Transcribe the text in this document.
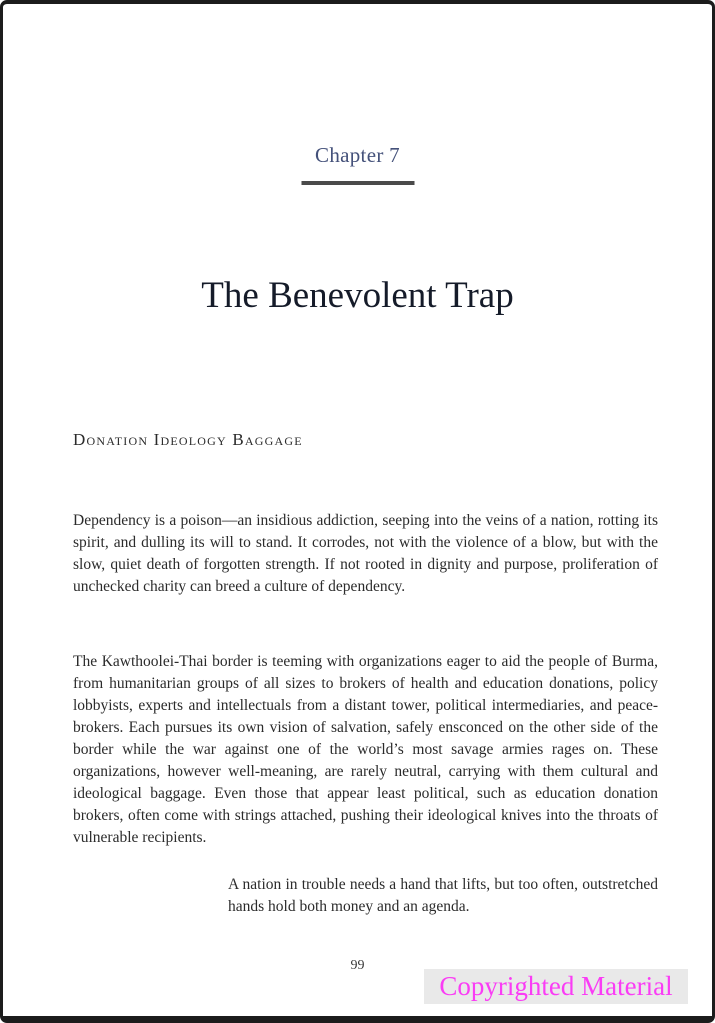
Chapter 7
The Benevolent Trap
Donation Ideology Baggage

Dependency is a poison—an insidious addiction, seeping into the veins of a nation, rotting its spirit, and dulling its will to stand. It corrodes, not with the violence of a blow, but with the slow, quiet death of forgotten strength. If not rooted in dignity and purpose, proliferation of unchecked charity can breed a culture of dependency.

The Kawthoolei-Thai border is teeming with organizations eager to aid the people of Burma, from humanitarian groups of all sizes to brokers of health and education donations, policy lobbyists, experts and intellectuals from a distant tower, political intermediaries, and peace-brokers. Each pursues its own vision of salvation, safely ensconced on the other side of the border while the war against one of the world’s most savage armies rages on. These organizations, however well-meaning, are rarely neutral, carrying with them cultural and ideological baggage. Even those that appear least political, such as education donation brokers, often come with strings attached, pushing their ideological knives into the throats of vulnerable recipients.

A nation in trouble needs a hand that lifts, but too often, outstretched hands hold both money and an agenda.
99
Copyrighted Material
